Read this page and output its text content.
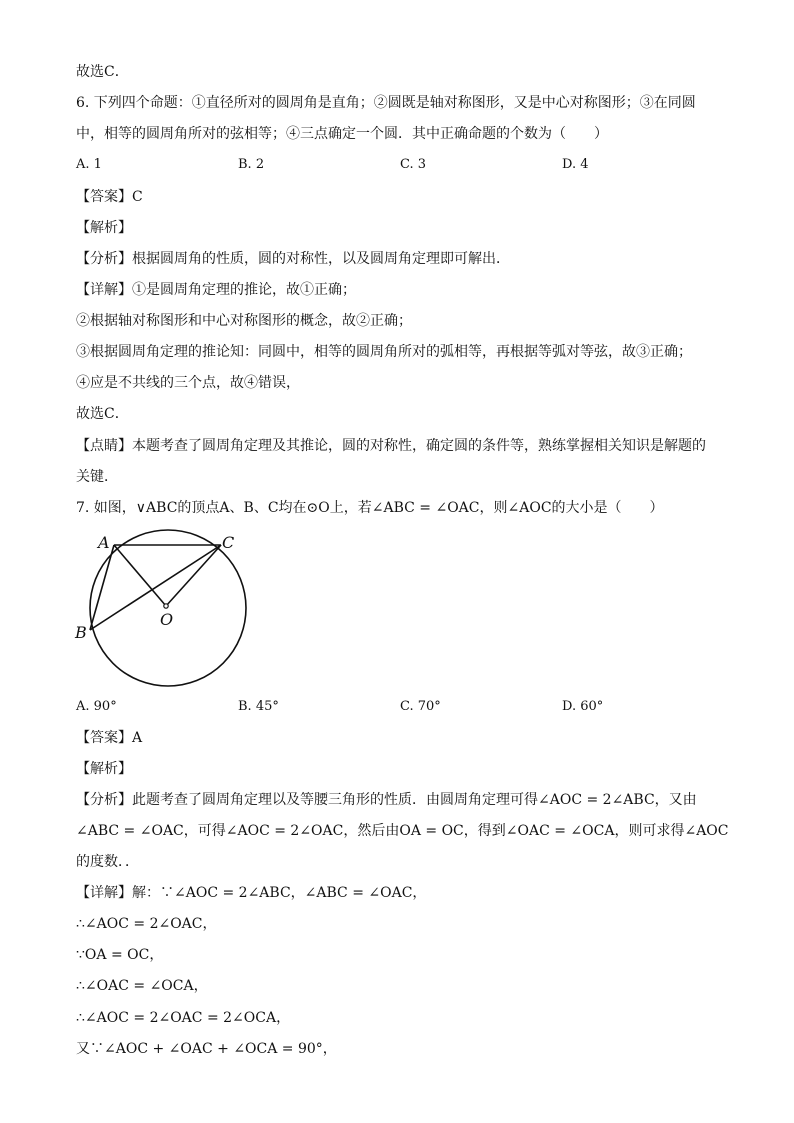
故选C．
6. 下列四个命题：①直径所对的圆周角是直角；②圆既是轴对称图形，又是中心对称图形；③在同圆
中，相等的圆周角所对的弦相等；④三点确定一个圆．其中正确命题的个数为（　　）
A. 1	B. 2	C. 3	D. 4
【答案】C
【解析】
【分析】根据圆周角的性质，圆的对称性，以及圆周角定理即可解出．
【详解】①是圆周角定理的推论，故①正确；
②根据轴对称图形和中心对称图形的概念，故②正确；
③根据圆周角定理的推论知：同圆中，相等的圆周角所对的弧相等，再根据等弧对等弦，故③正确；
④应是不共线的三个点，故④错误，
故选C．
【点睛】本题考查了圆周角定理及其推论，圆的对称性，确定圆的条件等，熟练掌握相关知识是解题的
关键．
7. 如图，∨ABC的顶点A、B、C均在⊙O上，若∠ABC = ∠OAC，则∠AOC的大小是（　　）
A	C
B
O
A. 90°	B. 45°	C. 70°	D. 60°
【答案】A
【解析】
【分析】此题考查了圆周角定理以及等腰三角形的性质．由圆周角定理可得∠AOC = 2∠ABC，又由
∠ABC = ∠OAC，可得∠AOC = 2∠OAC，然后由OA = OC，得到∠OAC = ∠OCA，则可求得∠AOC
的度数．．
【详解】解：∵∠AOC = 2∠ABC，∠ABC = ∠OAC，
∴∠AOC = 2∠OAC，
∵OA = OC，
∴∠OAC = ∠OCA，
∴∠AOC = 2∠OAC = 2∠OCA，
又∵∠AOC + ∠OAC + ∠OCA = 90°，
